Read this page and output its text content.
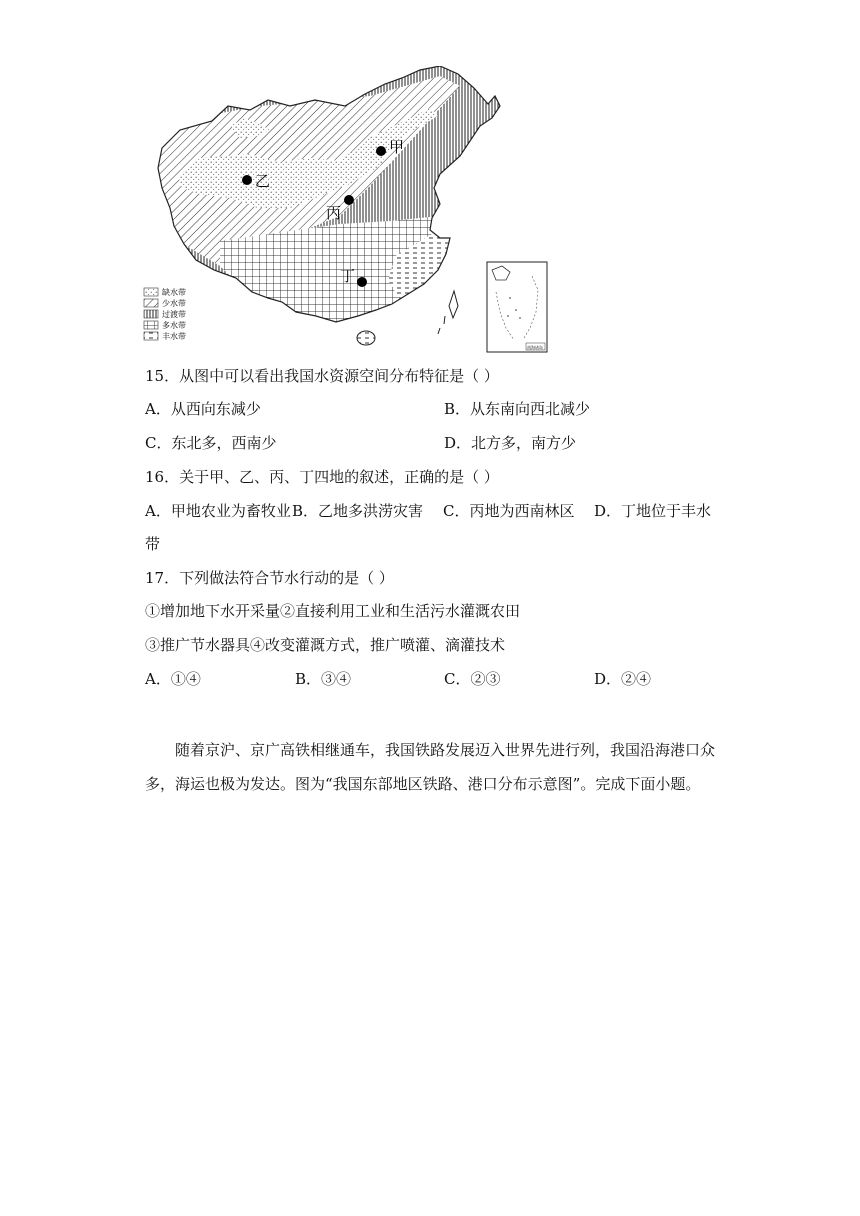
甲
乙
丙
丁
缺水带
少水带
过渡带
多水带
丰水带
南海诸岛
15．从图中可以看出我国水资源空间分布特征是（ ）
A．从西向东减少	B．从东南向西北减少
C．东北多，西南少	D．北方多，南方少
16．关于甲、乙、丙、丁四地的叙述，正确的是（ ）
A．甲地农业为畜牧业 B．乙地多洪涝灾害 C．丙地为西南林区 D．丁地位于丰水
带
17．下列做法符合节水行动的是（ ）
①增加地下水开采量②直接利用工业和生活污水灌溉农田
③推广节水器具④改变灌溉方式，推广喷灌、滴灌技术
A．①④	B．③④	C．②③	D．②④
随着京沪、京广高铁相继通车，我国铁路发展迈入世界先进行列，我国沿海港口众
多，海运也极为发达。图为“我国东部地区铁路、港口分布示意图”。完成下面小题。
